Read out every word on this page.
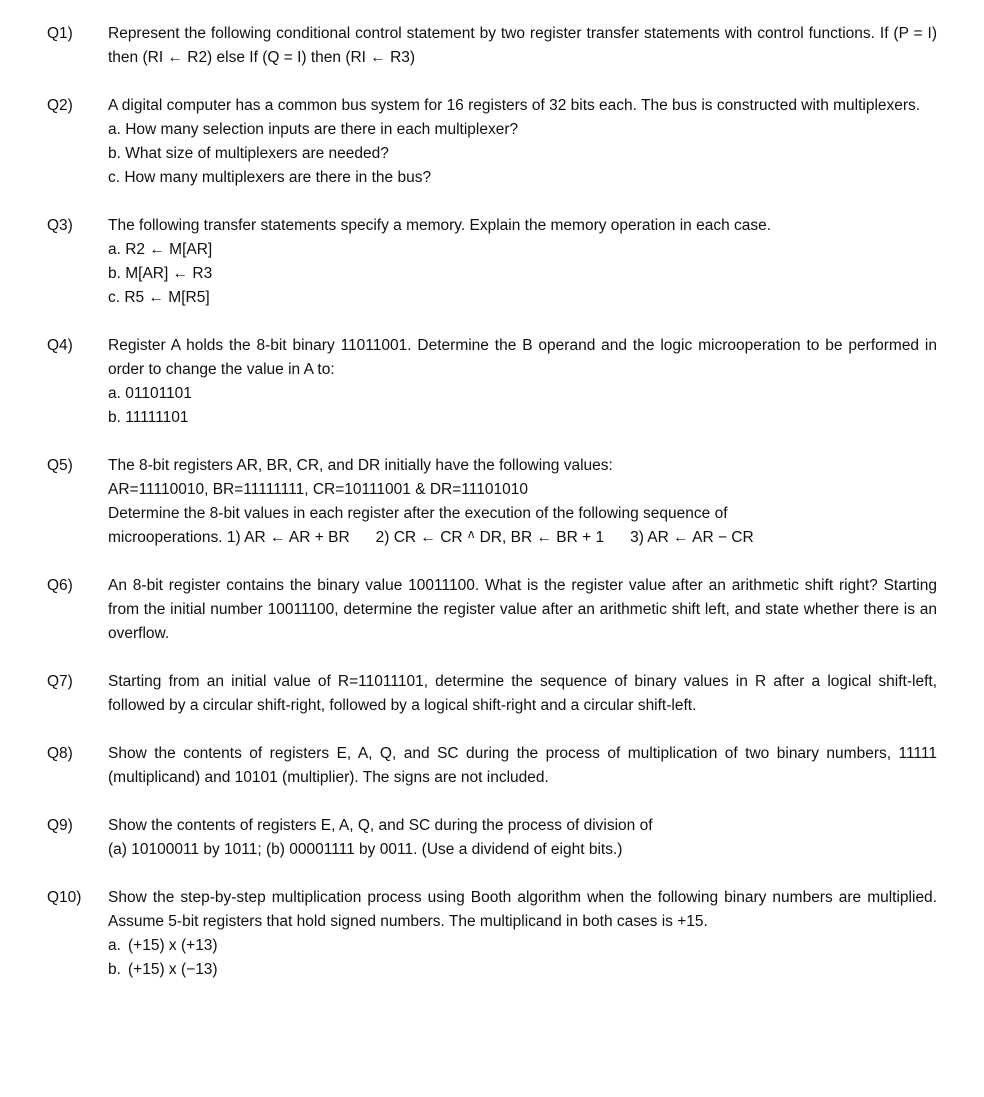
Q1)	Represent the following conditional control statement by two register transfer statements with control functions. If (P = I) then (RI ← R2) else If (Q = I) then (RI ← R3)
Q2)	A digital computer has a common bus system for 16 registers of 32 bits each. The bus is constructed with multiplexers.
a. How many selection inputs are there in each multiplexer?
b. What size of multiplexers are needed?
c. How many multiplexers are there in the bus?
Q3)	The following transfer statements specify a memory. Explain the memory operation in each case.
a. R2 ← M[AR]
b. M[AR] ← R3
c. R5 ← M[R5]
Q4)	Register A holds the 8-bit binary 11011001. Determine the B operand and the logic microoperation to be performed in order to change the value in A to:
a. 01101101
b. 11111101
Q5)	The 8-bit registers AR, BR, CR, and DR initially have the following values:
AR=11110010, BR=11111111, CR=10111001 & DR=11101010
Determine the 8-bit values in each register after the execution of the following sequence of
microoperations. 1) AR ← AR + BR 2) CR ← CR $^ʌ$ DR, BR ← BR + 1 3) AR ← AR − CR
Q6)	An 8-bit register contains the binary value 10011100. What is the register value after an arithmetic shift right? Starting from the initial number 10011100, determine the register value after an arithmetic shift left, and state whether there is an overflow.
Q7)	Starting from an initial value of R=11011101, determine the sequence of binary values in R after a logical shift-left, followed by a circular shift-right, followed by a logical shift-right and a circular shift-left.
Q8)	Show the contents of registers E, A, Q, and SC during the process of multiplication of two binary numbers, 11111 (multiplicand) and 10101 (multiplier). The signs are not included.
Q9)	Show the contents of registers E, A, Q, and SC during the process of division of
(a) 10100011 by 1011; (b) 00001111 by 0011. (Use a dividend of eight bits.)
Q10)	Show the step-by-step multiplication process using Booth algorithm when the following binary numbers are multiplied. Assume 5-bit registers that hold signed numbers. The multiplicand in both cases is +15.
a. (+15) x (+13)
b. (+15) x (−13)
